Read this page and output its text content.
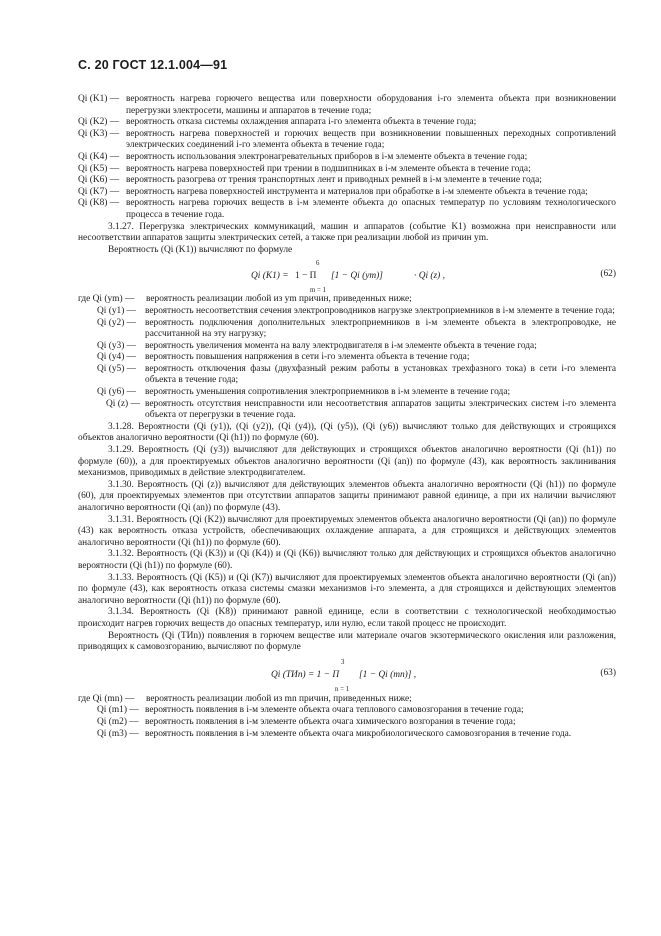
С. 20 ГОСТ 12.1.004—91
Qi (K1) — вероятность нагрева горючего вещества или поверхности оборудования i-го элемента объекта при возникновении перегрузки электросети, машины и аппаратов в течение года;
Qi (K2) — вероятность отказа системы охлаждения аппарата i-го элемента объекта в течение года;
Qi (K3) — вероятность нагрева поверхностей и горючих веществ при возникновении повышенных переходных сопротивлений электрических соединений i-го элемента объекта в течение года;
Qi (K4) — вероятность использования электронагревательных приборов в i-м элементе объекта в течение года;
Qi (K5) — вероятность нагрева поверхностей при трении в подшипниках в i-м элементе объекта в течение года;
Qi (K6) — вероятность разогрева от трения транспортных лент и приводных ремней в i-м элементе в течение года;
Qi (K7) — вероятность нагрева поверхностей инструмента и материалов при обработке в i-м элементе объекта в течение года;
Qi (K8) — вероятность нагрева горючих веществ в i-м элементе объекта до опасных температур по условиям технологического процесса в течение года.

3.1.27. Перегрузка электрических коммуникаций, машин и аппаратов (событие K1) возможна при неисправности или несоответствии аппаратов защиты электрических сетей, а также при реализации любой из причин ym.

Вероятность (Qi (K1)) вычисляют по формуле

Qi (K1) = 1 − Π
6
m = 1
[1 − Qi (ym)]	· Qi (z) ,	(62)
где Qi (ym) —	вероятность реализации любой из ym причин, приведенных ниже;
Qi (y1) — вероятность несоответствия сечения электропроводников нагрузке электроприемников в i-м элементе в течение года;
Qi (y2) — вероятность подключения дополнительных электроприемников в i-м элементе объекта в электропроводке, не рассчитанной на эту нагрузку;
Qi (y3) — вероятность увеличения момента на валу электродвигателя в i-м элементе объекта в течение года;
Qi (y4) — вероятность повышения напряжения в сети i-го элемента объекта в течение года;
Qi (y5) — вероятность отключения фазы (двухфазный режим работы в установках трехфазного тока) в сети i-го элемента объекта в течение года;
Qi (y6) — вероятность уменьшения сопротивления электроприемников в i-м элементе в течение года;
Qi (z) — вероятность отсутствия неисправности или несоответствия аппаратов защиты электрических систем i-го элемента объекта от перегрузки в течение года.

3.1.28. Вероятности (Qi (y1)), (Qi (y2)), (Qi (y4)), (Qi (y5)), (Qi (y6)) вычисляют только для действующих и строящихся объектов аналогично вероятности (Qi (h1)) по формуле (60).

3.1.29. Вероятность (Qi (y3)) вычисляют для действующих и строящихся объектов аналогично вероятности (Qi (h1)) по формуле (60)), а для проектируемых объектов аналогично вероятности (Qi (an)) по формуле (43), как вероятность заклинивания механизмов, приводимых в действие электродвигателем.

3.1.30. Вероятность (Qi (z)) вычисляют для действующих элементов объекта аналогично вероятности (Qi (h1)) по формуле (60), для проектируемых элементов при отсутствии аппаратов защиты принимают равной единице, а при их наличии вычисляют аналогично вероятности (Qi (an)) по формуле (43).

3.1.31. Вероятность (Qi (K2)) вычисляют для проектируемых элементов объекта аналогично вероятности (Qi (an)) по формуле (43) как вероятность отказа устройств, обеспечивающих охлаждение аппарата, а для строящихся и действующих элементов аналогично вероятности (Qi (h1)) по формуле (60).

3.1.32. Вероятность (Qi (K3)) и (Qi (K4)) и (Qi (K6)) вычисляют только для действующих и строящихся объектов аналогично вероятности (Qi (h1)) по формуле (60).

3.1.33. Вероятность (Qi (K5)) и (Qi (K7)) вычисляют для проектируемых элементов объекта аналогично вероятности (Qi (an)) по формуле (43), как вероятность отказа системы смазки механизмов i-го элемента, а для строящихся и действующих элементов аналогично вероятности (Qi (h1)) по формуле (60).

3.1.34. Вероятность (Qi (K8)) принимают равной единице, если в соответствии с технологической необходимостью происходит нагрев горючих веществ до опасных температур, или нулю, если такой процесс не происходит.

Вероятность (Qi (ТИn)) появления в горючем веществе или материале очагов экзотермического окисления или разложения, приводящих к самовозгоранию, вычисляют по формуле

Qi (ТИn) = 1 − Π
3
n = 1
[1 − Qi (mn)] ,	(63)
где Qi (mn) —	вероятность реализации любой из mn причин, приведенных ниже;
Qi (m1) — вероятность появления в i-м элементе объекта очага теплового самовозгорания в течение года;
Qi (m2) — вероятность появления в i-м элементе объекта очага химического возгорания в течение года;
Qi (m3) — вероятность появления в i-м элементе объекта очага микробиологического самовозгорания в течение года.
